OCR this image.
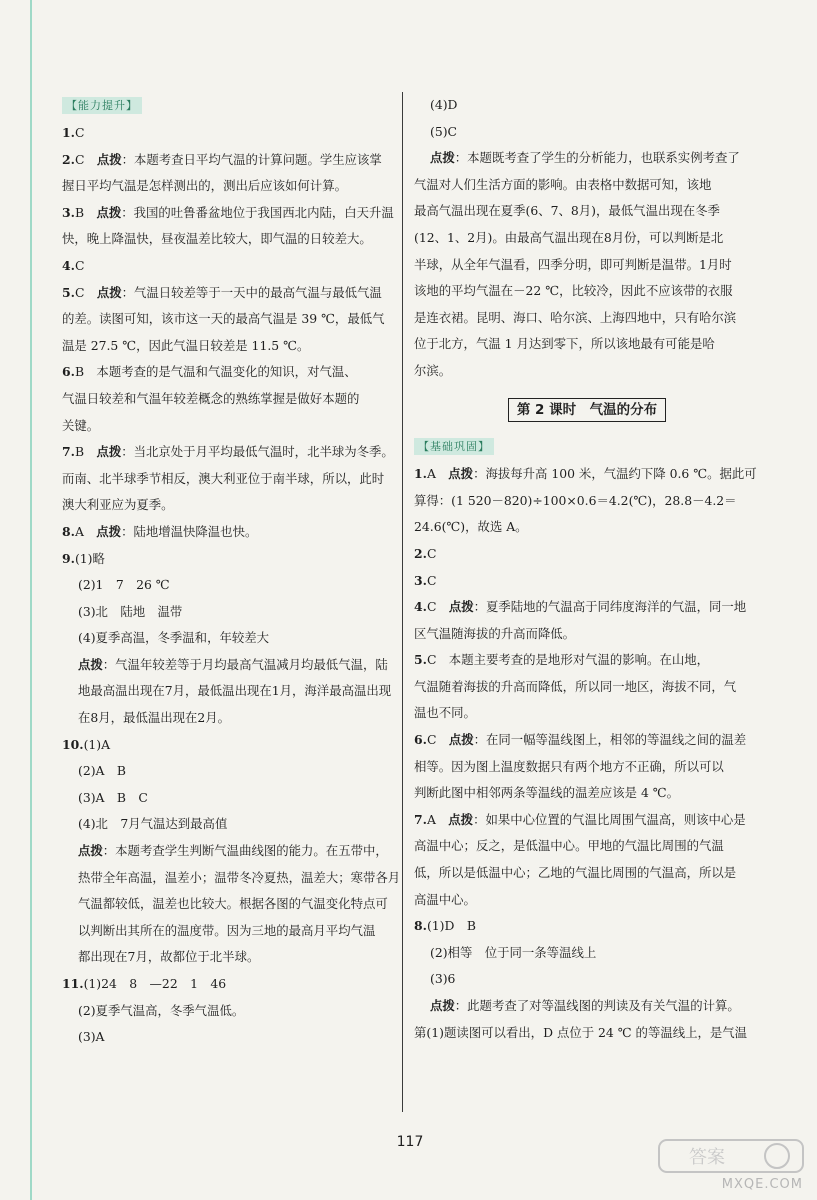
【能力提升】
1.C
2.C　点拨：本题考查日平均气温的计算问题。学生应该掌
握日平均气温是怎样测出的，测出后应该如何计算。
3.B　点拨：我国的吐鲁番盆地位于我国西北内陆，白天升温
快，晚上降温快，昼夜温差比较大，即气温的日较差大。
4.C
5.C　点拨：气温日较差等于一天中的最高气温与最低气温
的差。读图可知，该市这一天的最高气温是 39 ℃，最低气
温是 27.5 ℃，因此气温日较差是 11.5 ℃。
6.B　本题考查的是气温和气温变化的知识，对气温、
气温日较差和气温年较差概念的熟练掌握是做好本题的
关键。
7.B　点拨：当北京处于月平均最低气温时，北半球为冬季。
而南、北半球季节相反，澳大利亚位于南半球，所以，此时
澳大利亚应为夏季。
8.A　点拨：陆地增温快降温也快。
9.(1)略
(2)1　7　26 ℃
(3)北　陆地　温带
(4)夏季高温，冬季温和，年较差大
点拨：气温年较差等于月均最高气温减月均最低气温，陆
地最高温出现在7月，最低温出现在1月，海洋最高温出现
在8月，最低温出现在2月。
10.(1)A
(2)A　B
(3)A　B　C
(4)北　7月气温达到最高值
点拨：本题考查学生判断气温曲线图的能力。在五带中，
热带全年高温，温差小；温带冬冷夏热，温差大；寒带各月
气温都较低，温差也比较大。根据各图的气温变化特点可
以判断出其所在的温度带。因为三地的最高月平均气温
都出现在7月，故都位于北半球。
11.(1)24　8　—22　1　46
(2)夏季气温高，冬季气温低。
(3)A
(4)D
(5)C
点拨：本题既考查了学生的分析能力，也联系实例考查了
气温对人们生活方面的影响。由表格中数据可知，该地
最高气温出现在夏季(6、7、8月)，最低气温出现在冬季
(12、1、2月)。由最高气温出现在8月份，可以判断是北
半球，从全年气温看，四季分明，即可判断是温带。1月时
该地的平均气温在－22 ℃，比较冷，因此不应该带的衣服
是连衣裙。昆明、海口、哈尔滨、上海四地中，只有哈尔滨
位于北方，气温 1 月达到零下，所以该地最有可能是哈
尔滨。
第 2 课时　气温的分布
【基础巩固】
1.A　点拨：海拔每升高 100 米，气温约下降 0.6 ℃。据此可
算得：(1 520－820)÷100×0.6＝4.2(℃)，28.8－4.2＝
24.6(℃)，故选 A。
2.C
3.C
4.C　点拨：夏季陆地的气温高于同纬度海洋的气温，同一地
区气温随海拔的升高而降低。
5.C　本题主要考查的是地形对气温的影响。在山地，
气温随着海拔的升高而降低，所以同一地区，海拔不同，气
温也不同。
6.C　点拨：在同一幅等温线图上，相邻的等温线之间的温差
相等。因为图上温度数据只有两个地方不正确，所以可以
判断此图中相邻两条等温线的温差应该是 4 ℃。
7.A　点拨：如果中心位置的气温比周围气温高，则该中心是
高温中心；反之，是低温中心。甲地的气温比周围的气温
低，所以是低温中心；乙地的气温比周围的气温高，所以是
高温中心。
8.(1)D　B
(2)相等　位于同一条等温线上
(3)6
点拨：此题考查了对等温线图的判读及有关气温的计算。
第(1)题读图可以看出，D 点位于 24 ℃ 的等温线上，是气温
117
答案
MXQE.COM
